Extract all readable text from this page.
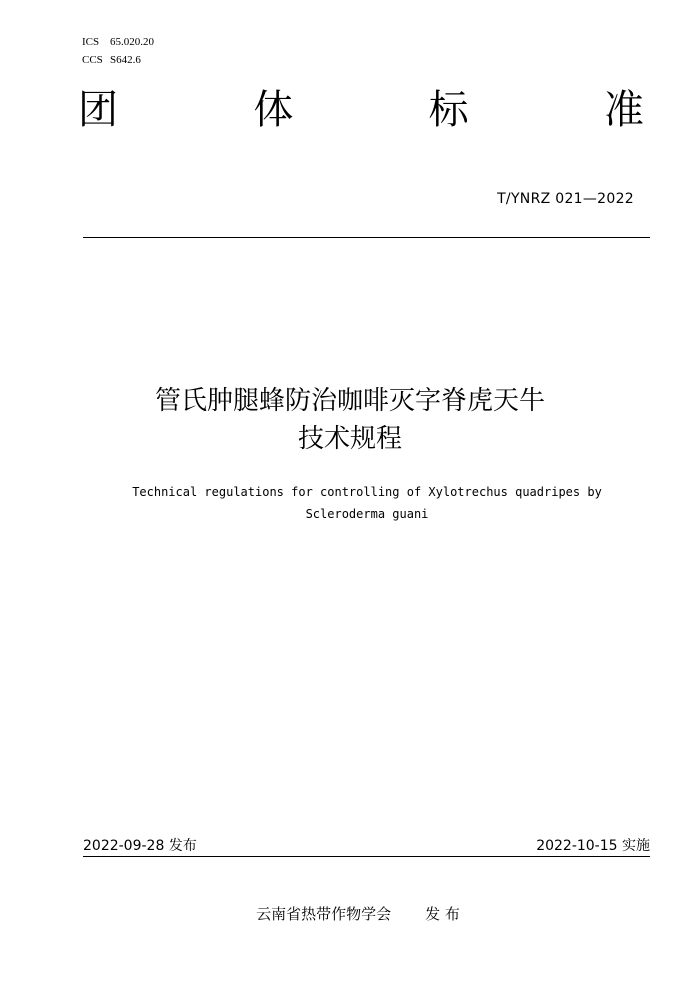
ICS 65.020.20
CCS S642.6
团	体	标	准
T/YNRZ 021—2022
管氏肿腿蜂防治咖啡灭字脊虎天牛
技术规程
Technical regulations for controlling of Xylotrechus quadripes by
Scleroderma guani
2022-09-28 发布	2022-10-15 实施
云南省热带作物学会 发 布
